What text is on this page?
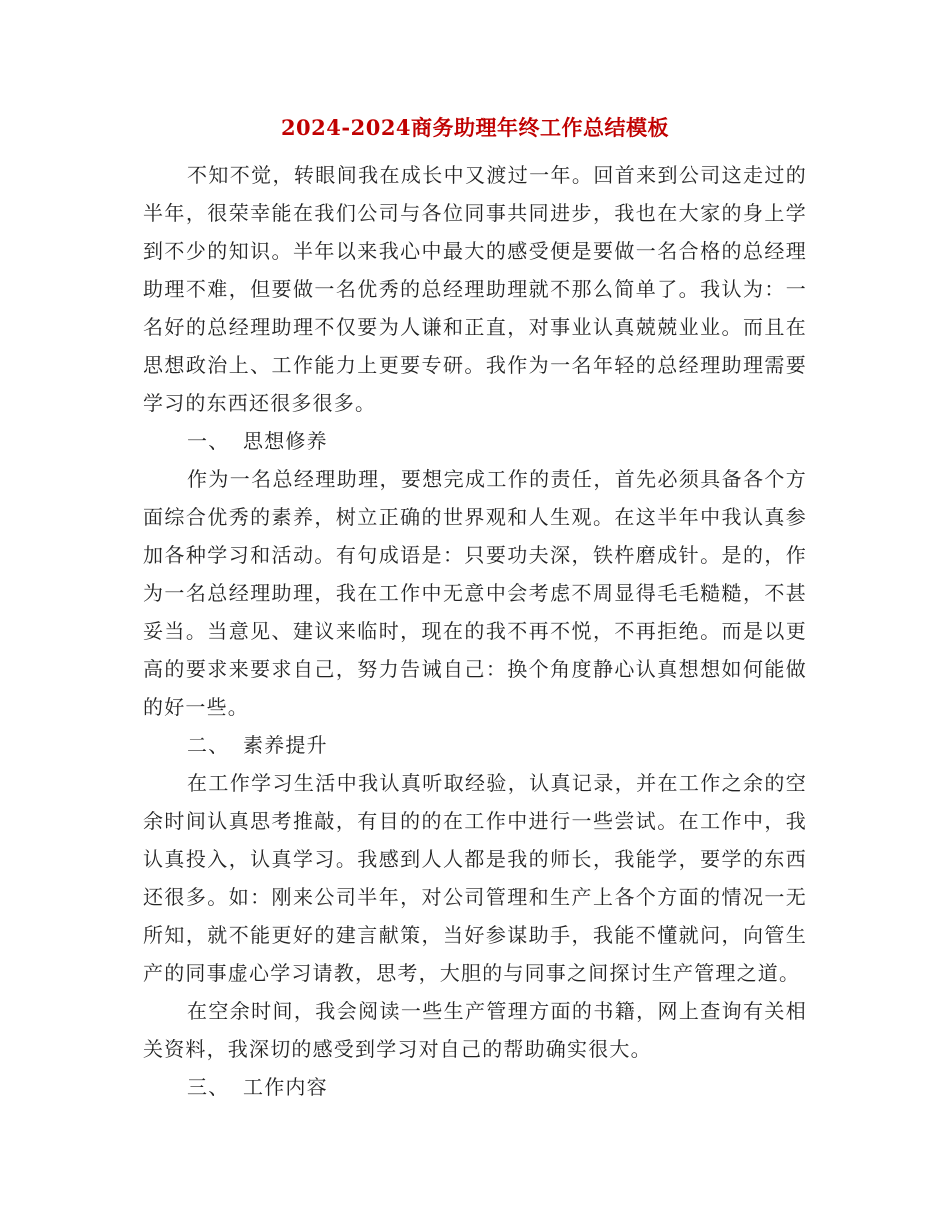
2024-2024商务助理年终工作总结模板

不知不觉，转眼间我在成长中又渡过一年。回首来到公司这走过的半年，很荣幸能在我们公司与各位同事共同进步，我也在大家的身上学到不少的知识。半年以来我心中最大的感受便是要做一名合格的总经理助理不难，但要做一名优秀的总经理助理就不那么简单了。我认为：一名好的总经理助理不仅要为人谦和正直，对事业认真兢兢业业。而且在思想政治上、工作能力上更要专研。我作为一名年轻的总经理助理需要学习的东西还很多很多。

一、 思想修养

作为一名总经理助理，要想完成工作的责任，首先必须具备各个方面综合优秀的素养，树立正确的世界观和人生观。在这半年中我认真参加各种学习和活动。有句成语是：只要功夫深，铁杵磨成针。是的，作为一名总经理助理，我在工作中无意中会考虑不周显得毛毛糙糙，不甚妥当。当意见、建议来临时，现在的我不再不悦，不再拒绝。而是以更高的要求来要求自己，努力告诫自己：换个角度静心认真想想如何能做的好一些。

二、 素养提升

在工作学习生活中我认真听取经验，认真记录，并在工作之余的空余时间认真思考推敲，有目的的在工作中进行一些尝试。在工作中，我认真投入，认真学习。我感到人人都是我的师长，我能学，要学的东西还很多。如：刚来公司半年，对公司管理和生产上各个方面的情况一无所知，就不能更好的建言献策，当好参谋助手，我能不懂就问，向管生产的同事虚心学习请教，思考，大胆的与同事之间探讨生产管理之道。

在空余时间，我会阅读一些生产管理方面的书籍，网上查询有关相关资料，我深切的感受到学习对自己的帮助确实很大。

三、 工作内容
